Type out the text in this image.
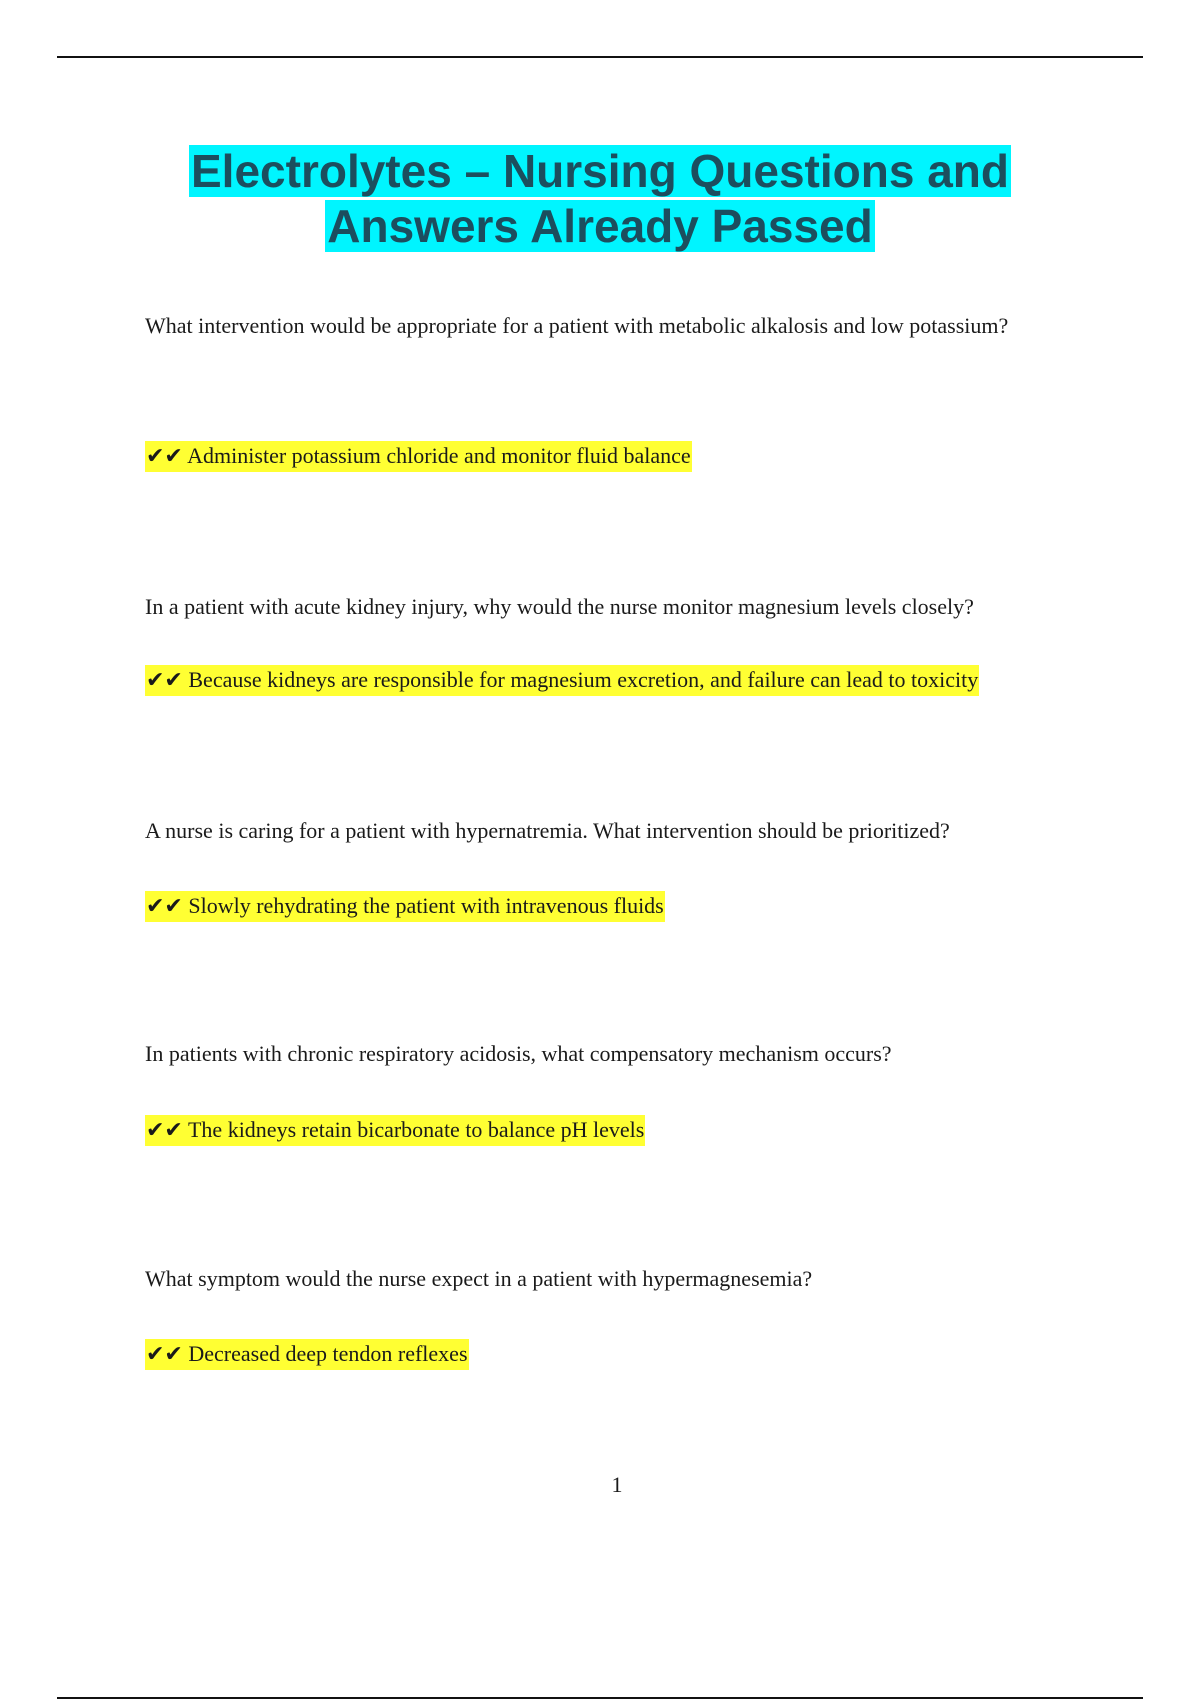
Electrolytes – Nursing Questions and
Answers Already Passed

What intervention would be appropriate for a patient with metabolic alkalosis and low potassium?

✔✔ Administer potassium chloride and monitor fluid balance

In a patient with acute kidney injury, why would the nurse monitor magnesium levels closely?

✔✔ Because kidneys are responsible for magnesium excretion, and failure can lead to toxicity

A nurse is caring for a patient with hypernatremia. What intervention should be prioritized?

✔✔ Slowly rehydrating the patient with intravenous fluids

In patients with chronic respiratory acidosis, what compensatory mechanism occurs?

✔✔ The kidneys retain bicarbonate to balance pH levels

What symptom would the nurse expect in a patient with hypermagnesemia?

✔✔ Decreased deep tendon reflexes

1
